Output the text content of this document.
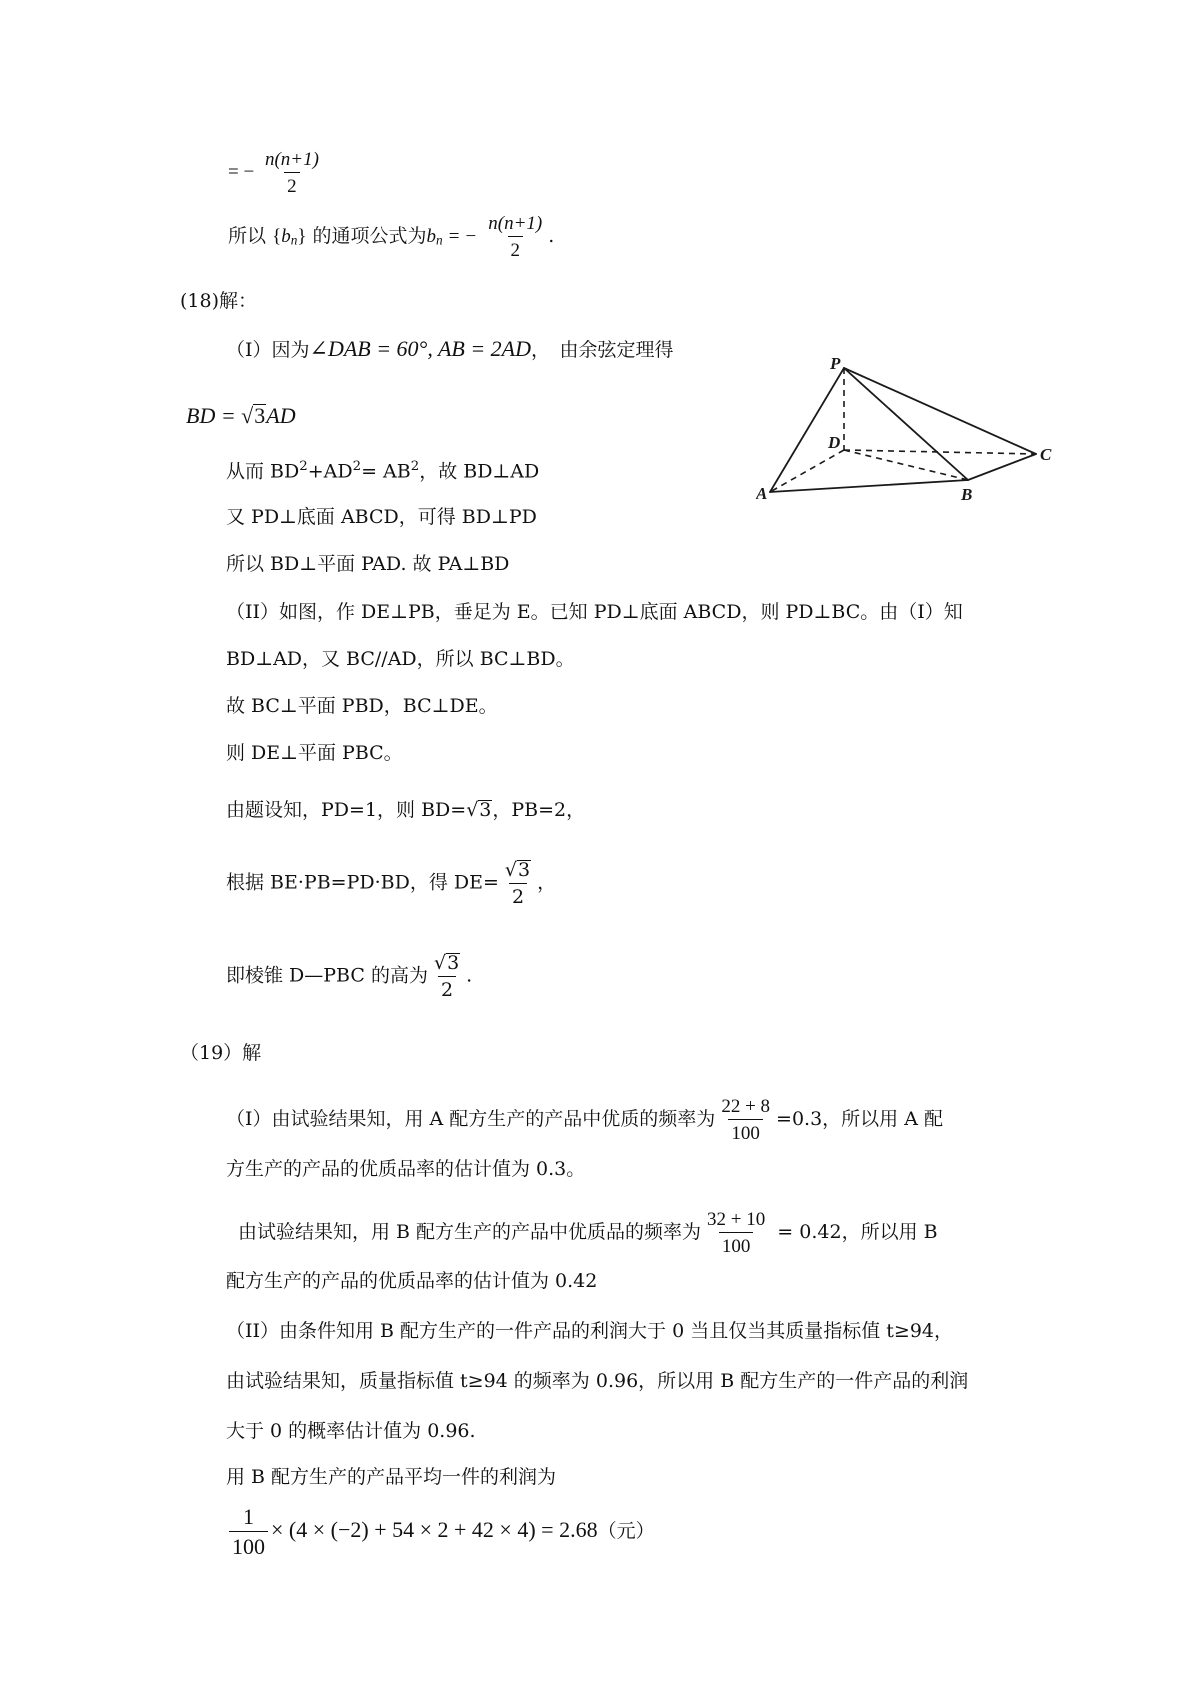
= − $\frac{n(n+1)}{2}$
所以 $\{b_n\}$ 的通项公式为$b_n$ = − $\frac{n(n+1)}{2}$ .
(18)解：
（I）因为∠DAB = 60°, AB = 2AD，　由余弦定理得
BD = √ 3 AD
从而 $BD^2+AD^2= AB^2$，故 BD⊥AD
又 PD⊥底面 ABCD，可得 BD⊥PD
所以 BD⊥平面 PAD. 故 PA⊥BD
（II）如图，作 DE⊥PB，垂足为 E。已知 PD⊥底面 ABCD，则 PD⊥BC。由（I）知
BD⊥AD，又 BC//AD，所以 BC⊥BD。
故 BC⊥平面 PBD，BC⊥DE。
则 DE⊥平面 PBC。
由题设知，PD=1，则 BD= √ 3 ，PB=2，
根据 BE·PB=PD·BD，得 $DE= \frac{√ 3}{2}$ ，
即棱锥 D—PBC 的高为 $\frac{√ 3}{2}$ .
P
D
C
A	B
（19）解
（I）由试验结果知，用 A 配方生产的产品中优质的频率为 $\frac{22 + 8}{100} =0.3$，所以用 A 配
方生产的产品的优质品率的估计值为 0.3。
由试验结果知，用 B 配方生产的产品中优质品的频率为 $\frac{32 + 10}{100} = 0.42$，所以用 B
配方生产的产品的优质品率的估计值为 0.42
（II）由条件知用 B 配方生产的一件产品的利润大于 0 当且仅当其质量指标值 t≥94，
由试验结果知，质量指标值 t≥94 的频率为 0.96，所以用 B 配方生产的一件产品的利润
大于 0 的概率估计值为 0.96.
用 B 配方生产的产品平均一件的利润为
$\frac{1}{100} \times (4 \times (-2) + 54 \times 2 + 42 \times 4) = 2.68$（元）
